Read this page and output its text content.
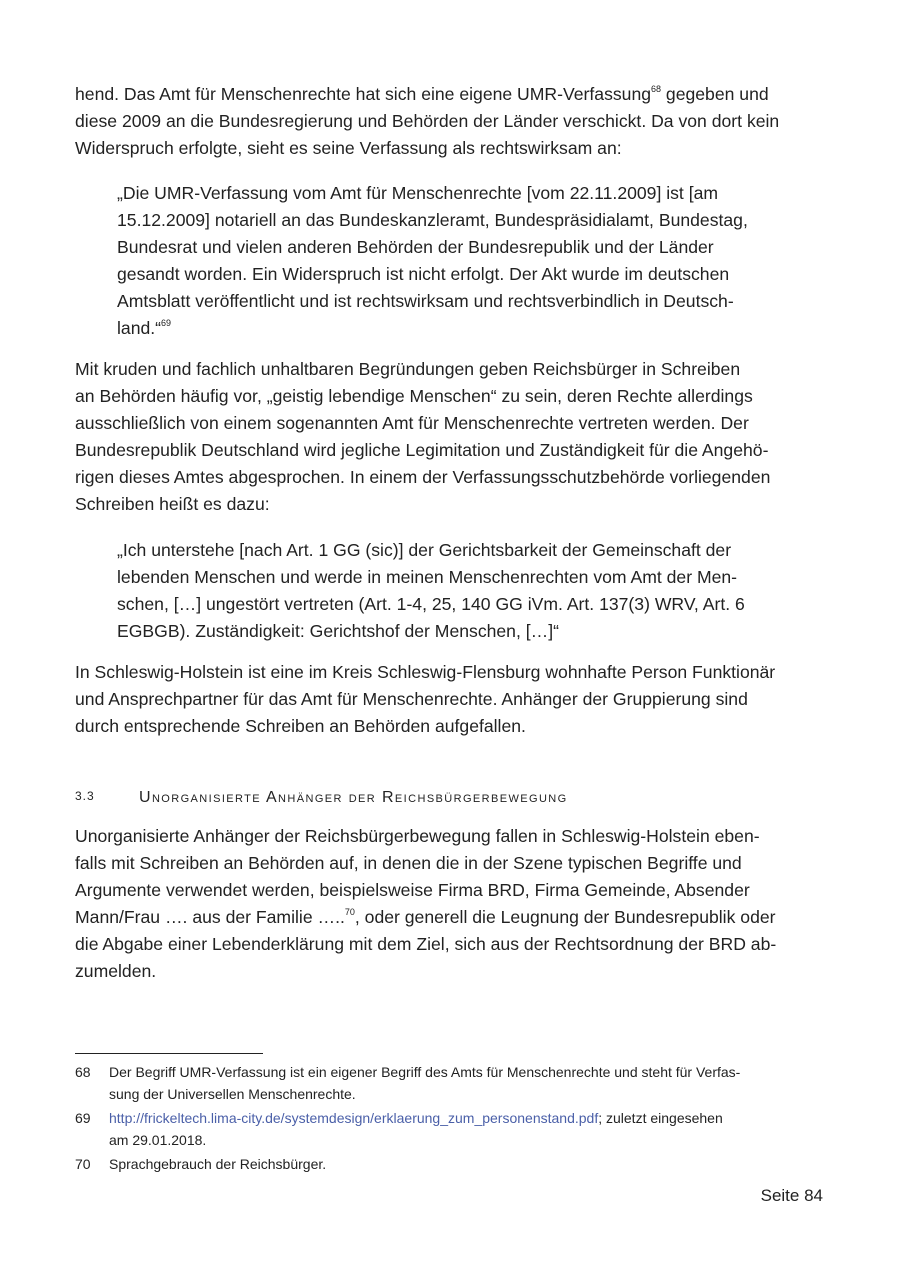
hend. Das Amt für Menschenrechte hat sich eine eigene UMR-Verfassung$^{68}$ gegeben und
diese 2009 an die Bundesregierung und Behörden der Länder verschickt. Da von dort kein
Widerspruch erfolgte, sieht es seine Verfassung als rechtswirksam an:
„Die UMR-Verfassung vom Amt für Menschenrechte [vom 22.11.2009] ist [am
15.12.2009] notariell an das Bundeskanzleramt, Bundespräsidialamt, Bundestag,
Bundesrat und vielen anderen Behörden der Bundesrepublik und der Länder
gesandt worden. Ein Widerspruch ist nicht erfolgt. Der Akt wurde im deutschen
Amtsblatt veröffentlicht und ist rechtswirksam und rechtsverbindlich in Deutsch-
land.“$^{69}$
Mit kruden und fachlich unhaltbaren Begründungen geben Reichsbürger in Schreiben
an Behörden häufig vor, „geistig lebendige Menschen“ zu sein, deren Rechte allerdings
ausschließlich von einem sogenannten Amt für Menschenrechte vertreten werden. Der
Bundesrepublik Deutschland wird jegliche Legimitation und Zuständigkeit für die Angehö-
rigen dieses Amtes abgesprochen. In einem der Verfassungsschutzbehörde vorliegenden
Schreiben heißt es dazu:
„Ich unterstehe [nach Art. 1 GG (sic)] der Gerichtsbarkeit der Gemeinschaft der
lebenden Menschen und werde in meinen Menschenrechten vom Amt der Men-
schen, […] ungestört vertreten (Art. 1-4, 25, 140 GG iVm. Art. 137(3) WRV, Art. 6
EGBGB). Zuständigkeit: Gerichtshof der Menschen, […]“
In Schleswig-Holstein ist eine im Kreis Schleswig-Flensburg wohnhafte Person Funktionär
und Ansprechpartner für das Amt für Menschenrechte. Anhänger der Gruppierung sind
durch entsprechende Schreiben an Behörden aufgefallen.
3.3	Unorganisierte Anhänger der Reichsbürgerbewegung
Unorganisierte Anhänger der Reichsbürgerbewegung fallen in Schleswig-Holstein eben-
falls mit Schreiben an Behörden auf, in denen die in der Szene typischen Begriffe und
Argumente verwendet werden, beispielsweise Firma BRD, Firma Gemeinde, Absender
Mann/Frau …. aus der Familie …..$^{70}$, oder generell die Leugnung der Bundesrepublik oder
die Abgabe einer Lebenderklärung mit dem Ziel, sich aus der Rechtsordnung der BRD ab-
zumelden.
68 Der Begriff UMR-Verfassung ist ein eigener Begriff des Amts für Menschenrechte und steht für Verfas-
sung der Universellen Menschenrechte.
69 http://frickeltech.lima-city.de/systemdesign/erklaerung_zum_personenstand.pdf; zuletzt eingesehen
am 29.01.2018.
70 Sprachgebrauch der Reichsbürger.
Seite 84
